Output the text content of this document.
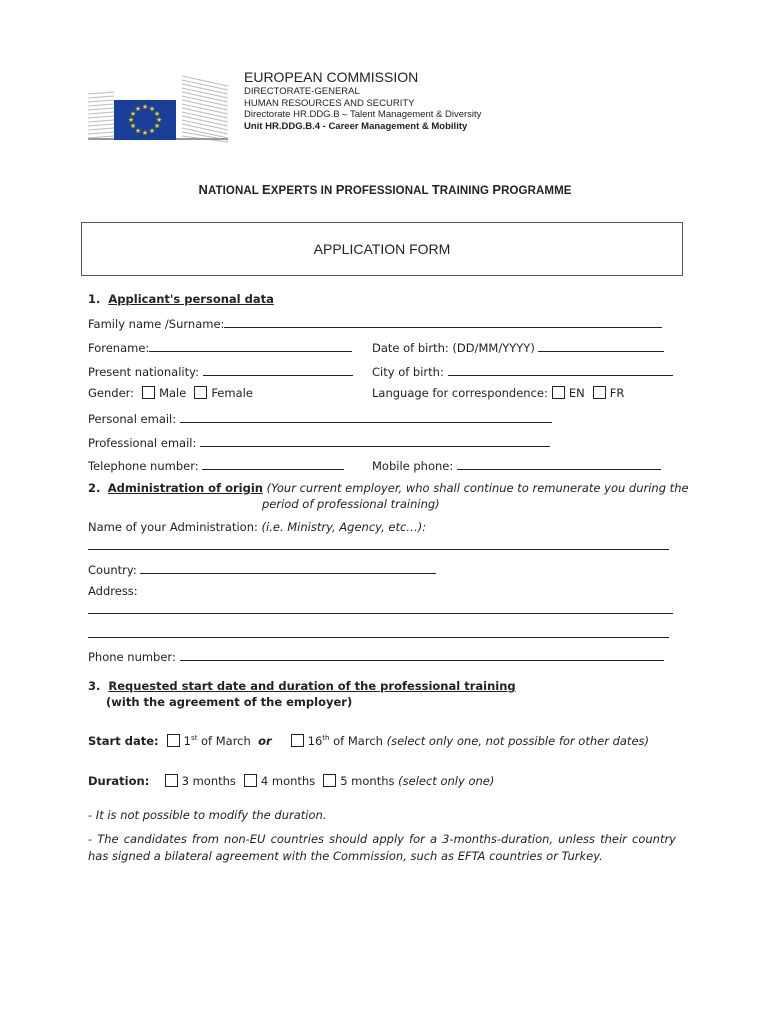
★ ★
★
★
★
★
★
★
★
★
★
★
EUROPEAN COMMISSION
DIRECTORATE-GENERAL
HUMAN RESOURCES AND SECURITY
Directorate HR.DDG.B – Talent Management & Diversity
Unit HR.DDG.B.4 - Career Management & Mobility
NATIONAL EXPERTS IN PROFESSIONAL TRAINING PROGRAMME
APPLICATION FORM
1. Applicant's personal data
Family name /Surname:
Forename:	Date of birth: (DD/MM/YYYY)
Present nationality:	City of birth:
Gender: Male Female	Language for correspondence: EN FR
Personal email:
Professional email:
Telephone number:	Mobile phone:
2. Administration of origin (Your current employer, who shall continue to remunerate you during the
period of professional training)
Name of your Administration: (i.e. Ministry, Agency, etc…):
Country:
Address:
Phone number:
3. Requested start date and duration of the professional training
(with the agreement of the employer)
Start date: 1st of March or	16th of March (select only one, not possible for other dates)
Duration:	3 months 4 months 5 months (select only one)
- It is not possible to modify the duration.
- The candidates from non-EU countries should apply for a 3-months-duration, unless their country has signed a bilateral agreement with the Commission, such as EFTA countries or Turkey.
